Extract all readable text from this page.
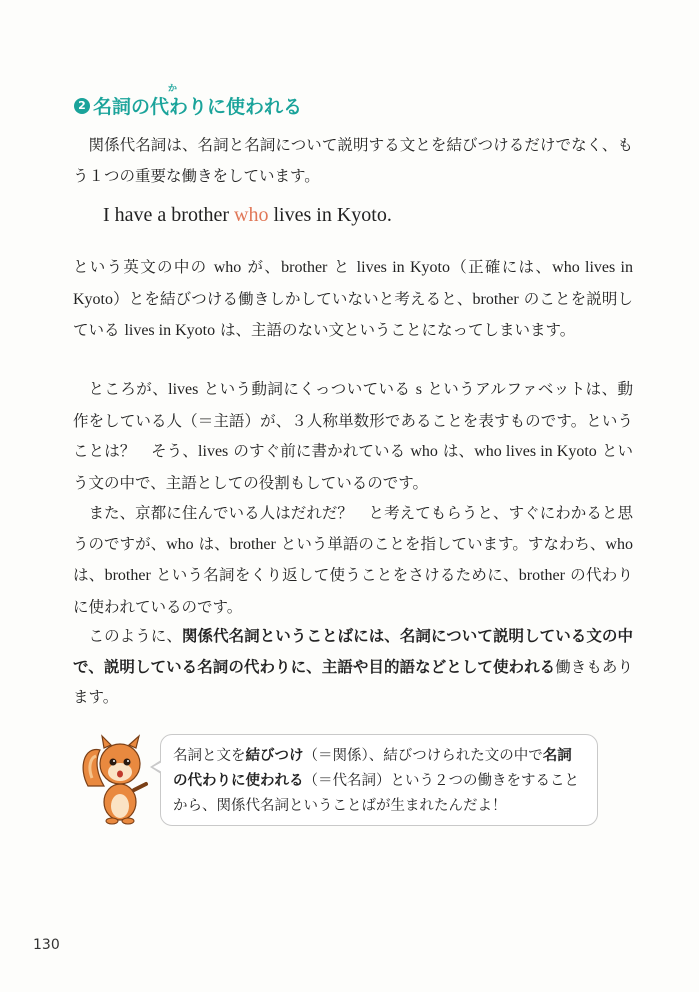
2 名詞の代わりに使われる
か
関係代名詞は、名詞と名詞について説明する文とを結びつけるだけでなく、もう１つの重要な働きをしています。
I have a brother who lives in Kyoto.
という英文の中の who が、brother と lives in Kyoto（正確には、who lives in Kyoto）とを結びつける働きしかしていないと考えると、brother のことを説明している lives in Kyoto は、主語のない文ということになってしまいます。
ところが、lives という動詞にくっついている s というアルファベットは、動作をしている人（＝主語）が、３人称単数形であることを表すものです。ということは？　そう、lives のすぐ前に書かれている who は、who lives in Kyoto という文の中で、主語としての役割もしているのです。
また、京都に住んでいる人はだれだ？　と考えてもらうと、すぐにわかると思うのですが、who は、brother という単語のことを指しています。すなわち、who は、brother という名詞をくり返して使うことをさけるために、brother の代わりに使われているのです。
このように、関係代名詞ということばには、名詞について説明している文の中で、説明している名詞の代わりに、主語や目的語などとして使われる働きもあります。
名詞と文を結びつけ（＝関係）、結びつけられた文の中で名詞の代わりに使われる（＝代名詞）という２つの働きをすることから、関係代名詞ということばが生まれたんだよ！
130
